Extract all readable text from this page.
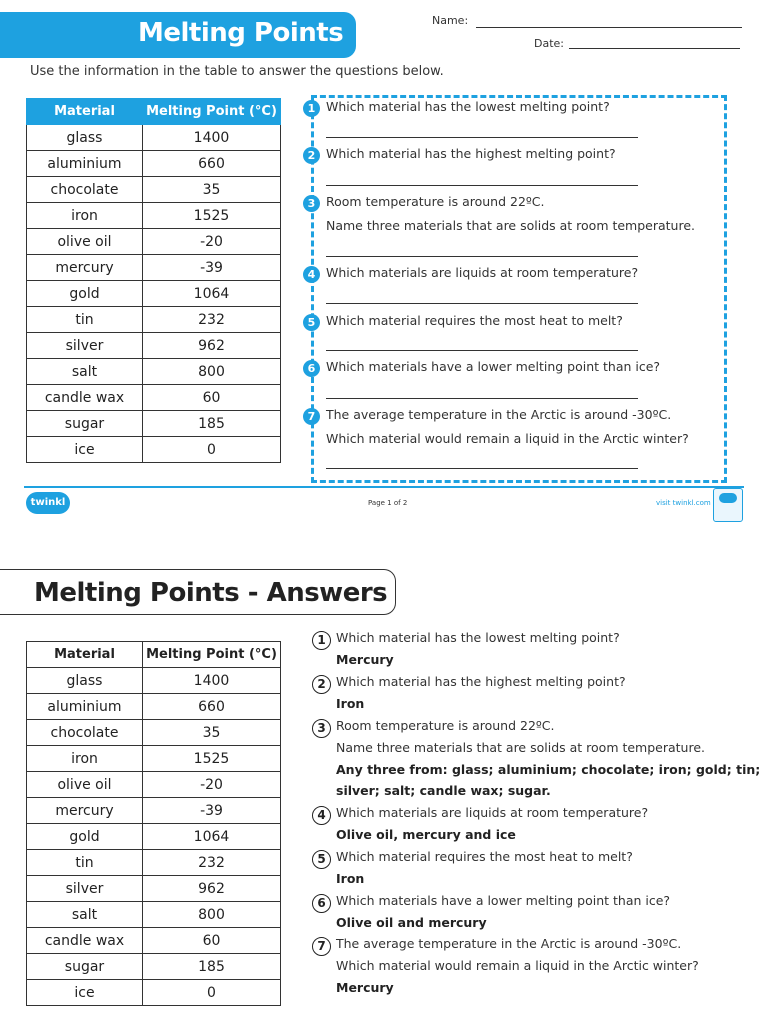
Melting Points	Name:
Date:
Use the information in the table to answer the questions below.
Material	Melting Point (°C)
glass	1400
aluminium	660
chocolate	35
iron	1525
olive oil	-20
mercury	-39
gold	1064
tin	232
silver	962
salt	800
candle wax	60
sugar	185
ice	0
1 Which material has the lowest melting point?
2 Which material has the highest melting point?
3 Room temperature is around 22ºC.
Name three materials that are solids at room temperature.
4 Which materials are liquids at room temperature?
5 Which material requires the most heat to melt?
6 Which materials have a lower melting point than ice?
7 The average temperature in the Arctic is around -30ºC.
Which material would remain a liquid in the Arctic winter?
twinkl	Page 1 of 2	visit twinkl.com
Melting Points - Answers
Material	Melting Point (°C)
glass	1400
aluminium	660
chocolate	35
iron	1525
olive oil	-20
mercury	-39
gold	1064
tin	232
silver	962
salt	800
candle wax	60
sugar	185
ice	0
1 Which material has the lowest melting point?
Mercury
2 Which material has the highest melting point?
Iron
3 Room temperature is around 22ºC.
Name three materials that are solids at room temperature.
Any three from: glass; aluminium; chocolate; iron; gold; tin;
silver; salt; candle wax; sugar.
4 Which materials are liquids at room temperature?
Olive oil, mercury and ice
5 Which material requires the most heat to melt?
Iron
6 Which materials have a lower melting point than ice?
Olive oil and mercury
7 The average temperature in the Arctic is around -30ºC.
Which material would remain a liquid in the Arctic winter?
Mercury
